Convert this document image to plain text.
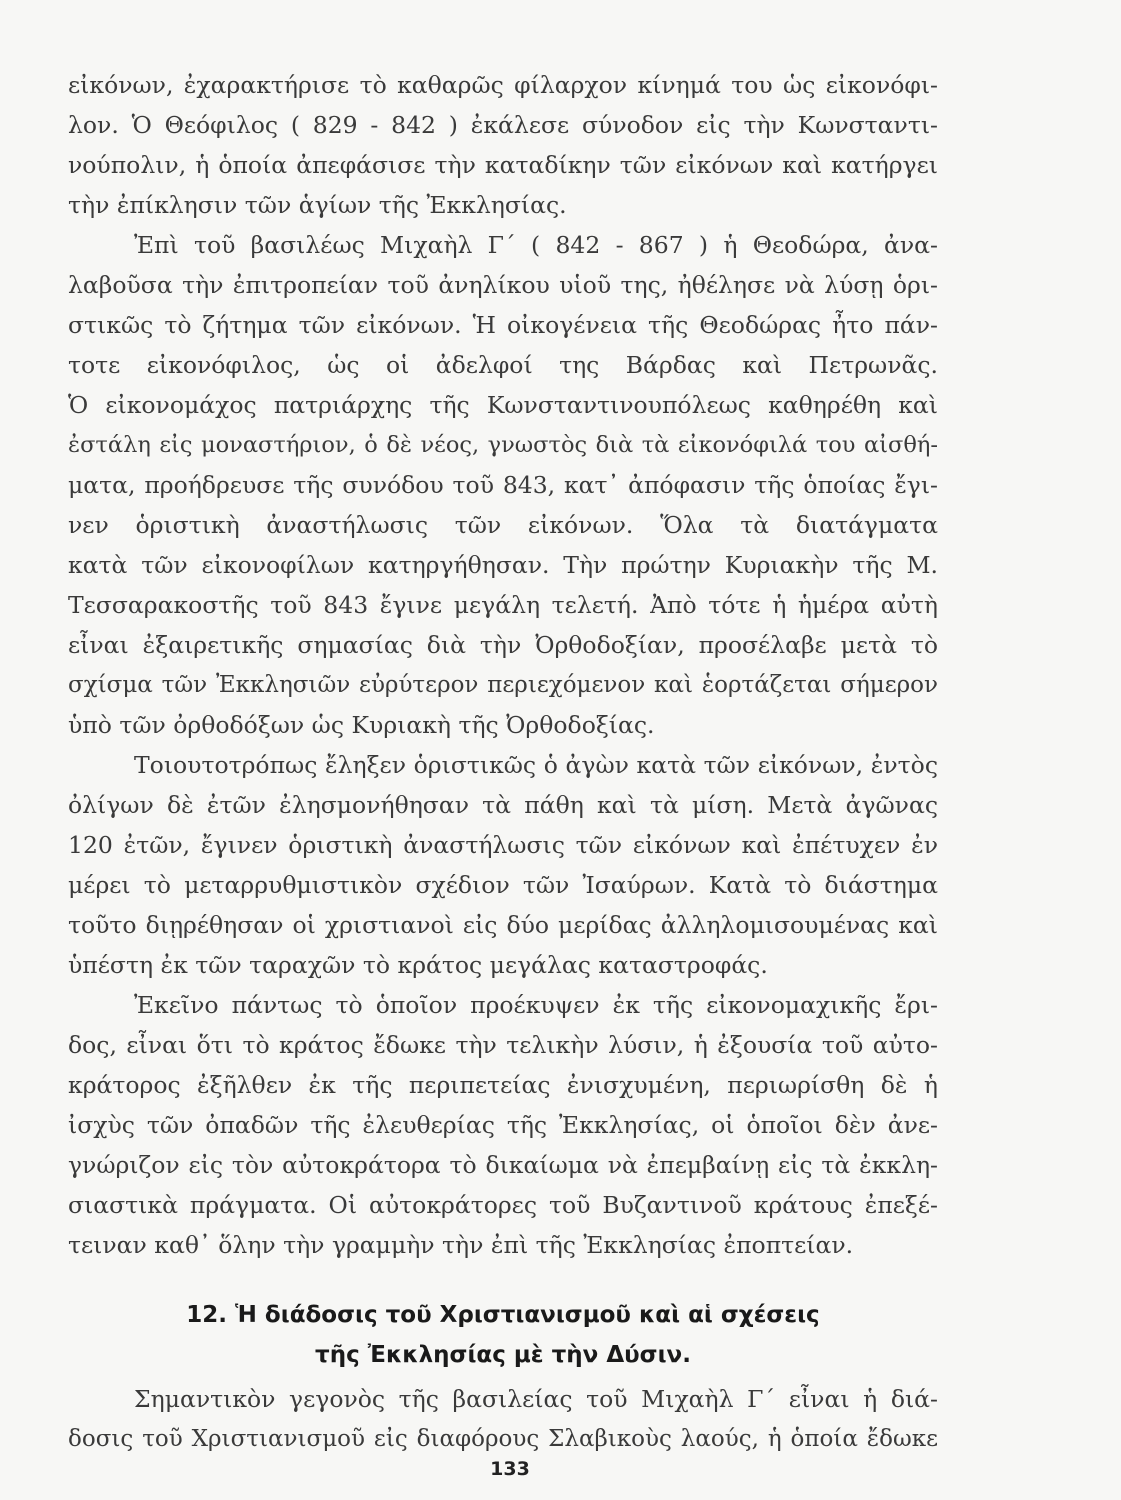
εἰκόνων, ἐχαρακτήρισε τὸ καθαρῶς φίλαρχον κίνημά του ὡς εἰκονόφι-
λον. Ὁ Θεόφιλος ( 829 - 842 ) ἐκάλεσε σύνοδον εἰς τὴν Κωνσταντι-
νούπολιν, ἡ ὁποία ἀπεφάσισε τὴν καταδίκην τῶν εἰκόνων καὶ κατήργει
τὴν ἐπίκλησιν τῶν ἁγίων τῆς Ἐκκλησίας.
Ἐπὶ τοῦ βασιλέως Μιχαὴλ Γ΄ ( 842 - 867 ) ἡ Θεοδώρα, ἀνα-
λαβοῦσα τὴν ἐπιτροπείαν τοῦ ἀνηλίκου υἱοῦ της, ἠθέλησε νὰ λύσῃ ὁρι-
στικῶς τὸ ζήτημα τῶν εἰκόνων. Ἡ οἰκογένεια τῆς Θεοδώρας ἦτο πάν-
τοτε εἰκονόφιλος, ὡς οἱ ἀδελφοί της Βάρδας καὶ Πετρωνᾶς.
Ὁ εἰκονομάχος πατριάρχης τῆς Κωνσταντινουπόλεως καθηρέθη καὶ
ἐστάλη εἰς μοναστήριον, ὁ δὲ νέος, γνωστὸς διὰ τὰ εἰκονόφιλά του αἰσθή-
ματα, προήδρευσε τῆς συνόδου τοῦ 843, κατ᾽ ἀπόφασιν τῆς ὁποίας ἔγι-
νεν ὁριστικὴ ἀναστήλωσις τῶν εἰκόνων. Ὅλα τὰ διατάγματα
κατὰ τῶν εἰκονοφίλων κατηργήθησαν. Τὴν πρώτην Κυριακὴν τῆς Μ.
Τεσσαρακοστῆς τοῦ 843 ἔγινε μεγάλη τελετή. Ἀπὸ τότε ἡ ἡμέρα αὐτὴ
εἶναι ἐξαιρετικῆς σημασίας διὰ τὴν Ὀρθοδοξίαν, προσέλαβε μετὰ τὸ
σχίσμα τῶν Ἐκκλησιῶν εὐρύτερον περιεχόμενον καὶ ἑορτάζεται σήμερον
ὑπὸ τῶν ὀρθοδόξων ὡς Κυριακὴ τῆς Ὀρθοδοξίας.
Τοιουτοτρόπως ἔληξεν ὁριστικῶς ὁ ἀγὼν κατὰ τῶν εἰκόνων, ἐντὸς
ὀλίγων δὲ ἐτῶν ἐλησμονήθησαν τὰ πάθη καὶ τὰ μίση. Μετὰ ἀγῶνας
120 ἐτῶν, ἔγινεν ὁριστικὴ ἀναστήλωσις τῶν εἰκόνων καὶ ἐπέτυχεν ἐν
μέρει τὸ μεταρρυθμιστικὸν σχέδιον τῶν Ἰσαύρων. Κατὰ τὸ διάστημα
τοῦτο διῃρέθησαν οἱ χριστιανοὶ εἰς δύο μερίδας ἀλληλομισουμένας καὶ
ὑπέστη ἐκ τῶν ταραχῶν τὸ κράτος μεγάλας καταστροφάς.
Ἐκεῖνο πάντως τὸ ὁποῖον προέκυψεν ἐκ τῆς εἰκονομαχικῆς ἔρι-
δος, εἶναι ὅτι τὸ κράτος ἔδωκε τὴν τελικὴν λύσιν, ἡ ἐξουσία τοῦ αὐτο-
κράτορος ἐξῆλθεν ἐκ τῆς περιπετείας ἐνισχυμένη, περιωρίσθη δὲ ἡ
ἰσχὺς τῶν ὀπαδῶν τῆς ἐλευθερίας τῆς Ἐκκλησίας, οἱ ὁποῖοι δὲν ἀνε-
γνώριζον εἰς τὸν αὐτοκράτορα τὸ δικαίωμα νὰ ἐπεμβαίνῃ εἰς τὰ ἐκκλη-
σιαστικὰ πράγματα. Οἱ αὐτοκράτορες τοῦ Βυζαντινοῦ κράτους ἐπεξέ-
τειναν καθ᾽ ὅλην τὴν γραμμὴν τὴν ἐπὶ τῆς Ἐκκλησίας ἐποπτείαν.
12. Ἡ διάδοσις τοῦ Χριστιανισμοῦ καὶ αἱ σχέσεις
τῆς Ἐκκλησίας μὲ τὴν Δύσιν.
Σημαντικὸν γεγονὸς τῆς βασιλείας τοῦ Μιχαὴλ Γ΄ εἶναι ἡ διά-
δοσις τοῦ Χριστιανισμοῦ εἰς διαφόρους Σλαβικοὺς λαούς, ἡ ὁποία ἔδωκε
133
